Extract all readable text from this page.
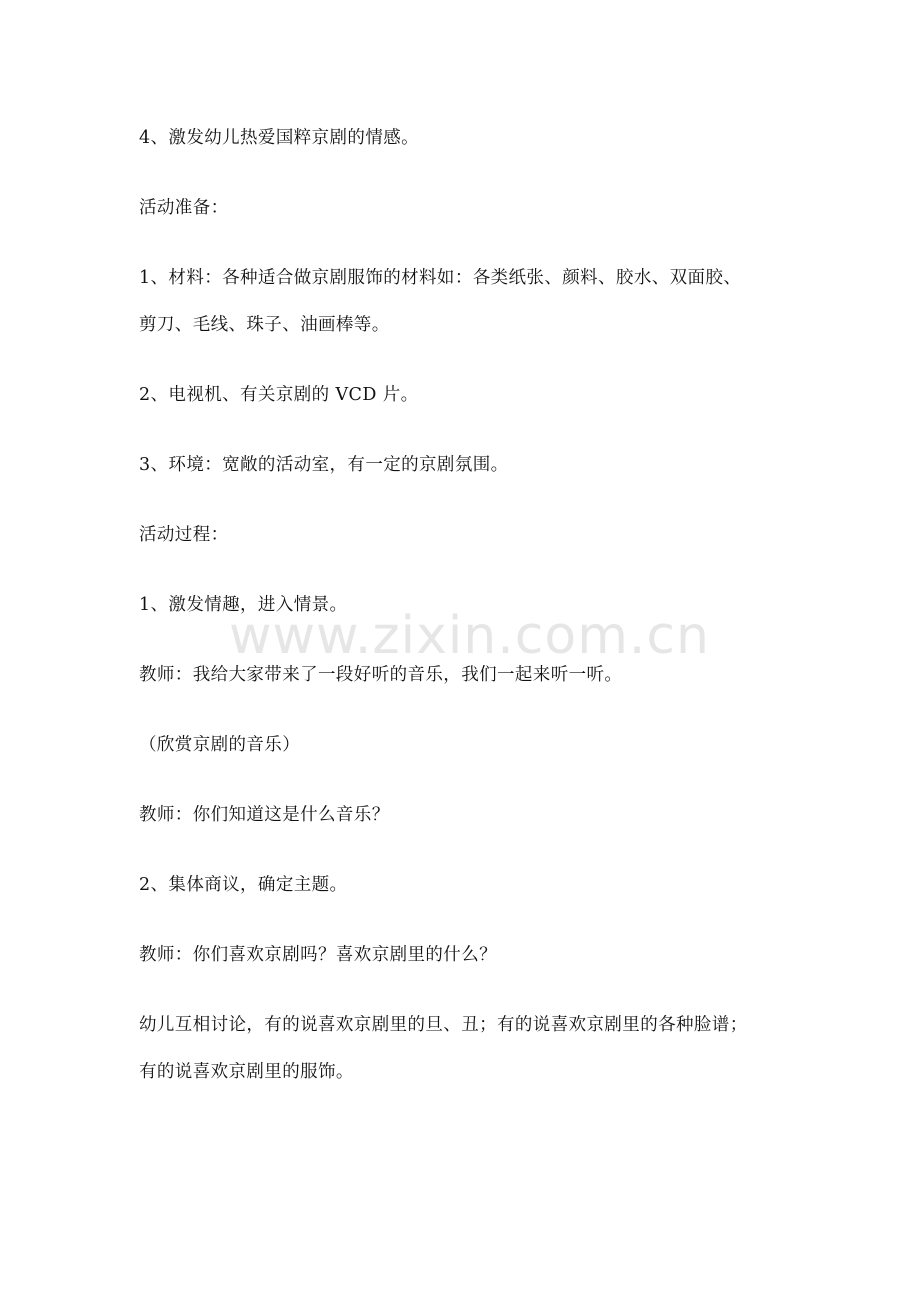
www.zixin.com.cn

4、激发幼儿热爱国粹京剧的情感。

活动准备：

1、材料：各种适合做京剧服饰的材料如：各类纸张、颜料、胶水、双面胶、

剪刀、毛线、珠子、油画棒等。

2、电视机、有关京剧的 VCD 片。

3、环境：宽敞的活动室，有一定的京剧氛围。

活动过程：

1、激发情趣，进入情景。

教师：我给大家带来了一段好听的音乐，我们一起来听一听。

（欣赏京剧的音乐）

教师：你们知道这是什么音乐？

2、集体商议，确定主题。

教师：你们喜欢京剧吗？喜欢京剧里的什么？

幼儿互相讨论，有的说喜欢京剧里的旦、丑；有的说喜欢京剧里的各种脸谱；

有的说喜欢京剧里的服饰。
